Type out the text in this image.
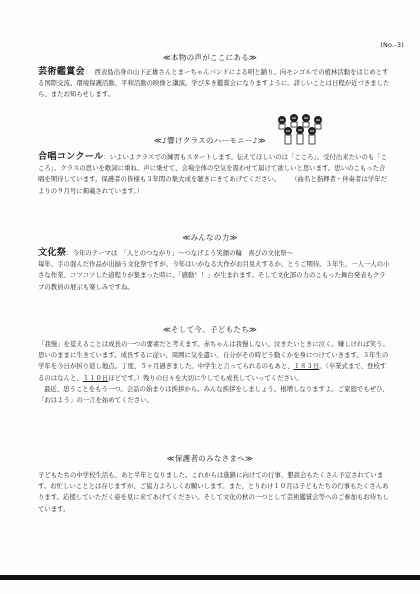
(No.-3)
≪本物の声がここにある≫
芸術鑑賞会：　西表島出身の山下正雄さんとまーちゃんバンドによる唄と踊り。向モンゴルでの植林活動をはじめとする国際交流、環境保護活動、平和活動の映像と講演。学び多き鑑賞会になりますように。詳しいことは日程が近づきましたら、またお知らせします。
≪♪響けクラスのハーモニー♪≫
合唱コンクール：いよいよクラスでの練習もスタートします。伝えてほしいのは「こころ」。受付出来たいのも「こころ」。クラスの思いを歌詞に重ね、声に乗せて、会場全体の空気を震わせて届けて欲しいと思います。思いのこもった合唱を期待しています。保護者の皆様も３年間の集大成を聴きにきてあげてください。 （曲名と指揮者・伴奏者は学年だよりの９月号に掲載されています。）
≪みんなの力≫

文化祭：今年のテーマは　「人とのつながり」〜つなげよう笑顔の輪　喜びの文化祭〜

毎年、手の混んだ作品が出揃う文化祭ですが、今年はいかなる大作がお目見えするか、とうご期待。３年生、一人一人の小さな作業、コツコツした道程りが集まった時に、「感動！！」が生まれます。そして文化部の力のこもった舞台発表もクラブの教員の展示も楽しみですね。

≪そして今、子どもたち≫

「我慢」を覚えることは成長の一つの要素だと考えます。赤ちゃんは我慢しない。泣きたいときに泣く。嫌しければ笑う。思いのままに生きています。成長するに従い、周囲に気を遣い、自分がその時どう動くかを身につけていきます。３年生の学年を今日が折り返し地点。丁度、５ヶ月過ぎました。中学生と言ってられるのもあと、１８３日。（卒業式まで、登校するのはなんと、１１０日ほどです。）残りの日々を大切に少しでも成長していってください。

最近、思うことをもう一つ。会話の始まりは挨拶から。みんな挨拶をしましょう。根増しなりますよ。ご家庭でもぜひ、「おはよう」の一言を始めてください。

≪保護者のみなさまへ≫
子どもたちの中学校生活も、あと半年となりました。これからは進路に向けての行事、懇談会もたくさん予定されています。お忙しいこととは存じますが、ご協力よろしくお願いします。また、とりわけ１０月は子どもたちの行事もたくさんあります。応援していただく姿を見に来てあげてください。そして文化の秋の一つとして芸術鑑賞会等へのご参加もお待ちしています。
